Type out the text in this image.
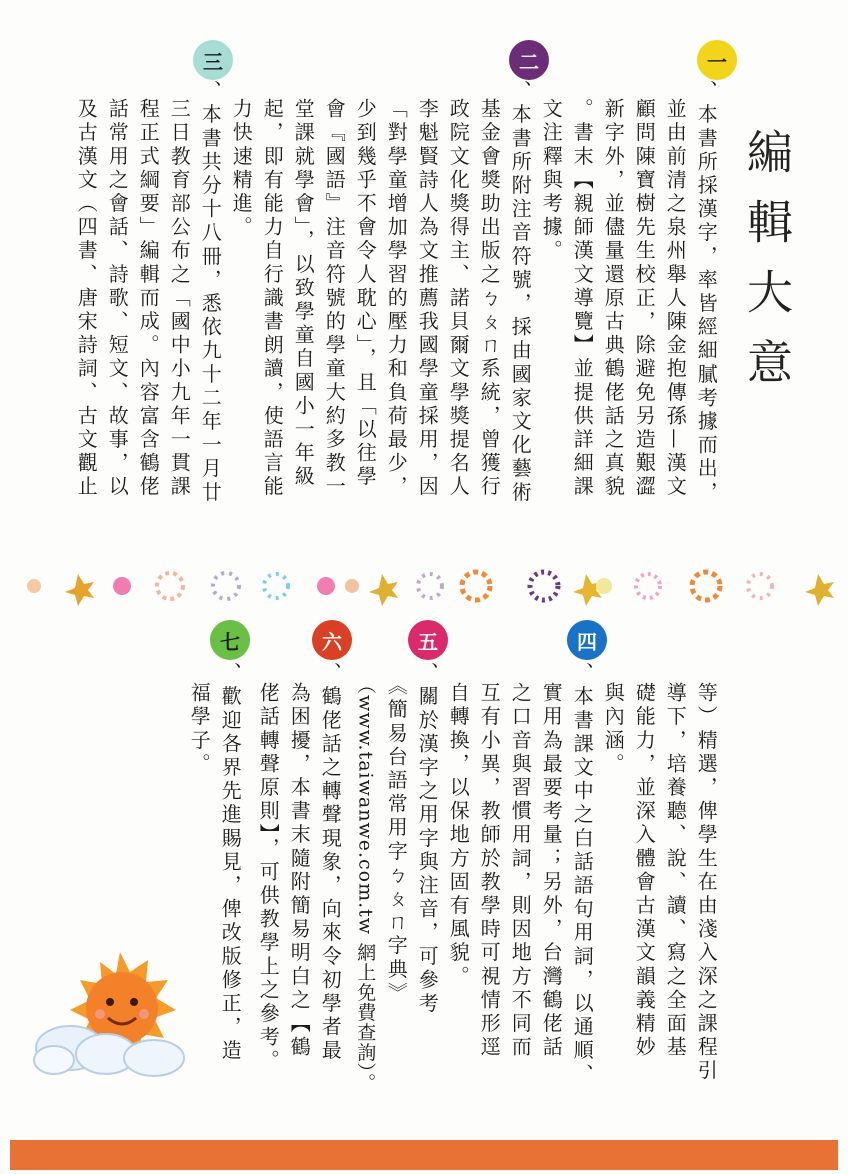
編輯大意
一
二
三
、本書所採漢字，率皆經細膩考據而出，
並由前清之泉州舉人陳金抱傳孫—漢文
顧問陳寶樹先生校正，除避免另造艱澀
新字外，並儘量還原古典鶴佬話之真貌
。書末【親師漢文導覽】並提供詳細課
文注釋與考據。
、本書所附注音符號，採由國家文化藝術
基金會獎助出版之ㄅㄆㄇ系統，曾獲行
政院文化獎得主、諾貝爾文學獎提名人
李魁賢詩人為文推薦我國學童採用，因
「對學童增加學習的壓力和負荷最少，
少到幾乎不會令人耽心」，且「以往學
會『國語』注音符號的學童大約多教一
堂課就學會」，以致學童自國小一年級
起，即有能力自行識書朗讀，使語言能
力快速精進。
、本書共分十八冊，悉依九十二年一月廿
三日教育部公布之「國中小九年一貫課
程正式綱要」編輯而成。內容富含鶴佬
話常用之會話、詩歌、短文、故事，以
及古漢文（四書、唐宋詩詞、古文觀止
四
五
六
七
等）精選，俾學生在由淺入深之課程引
導下，培養聽、說、讀、寫之全面基
礎能力，並深入體會古漢文韻義精妙
與內涵。
、本書課文中之白話語句用詞，以通順、
實用為最要考量；另外，台灣鶴佬話
之口音與習慣用詞，則因地方不同而
互有小異，教師於教學時可視情形逕
自轉換，以保地方固有風貌。
、關於漢字之用字與注音，可參考
《簡易台語常用字ㄅㄆㄇ字典》
（www.taiwanwe.com.tw 網上免費查詢）。
、鶴佬話之轉聲現象，向來令初學者最
為困擾，本書末隨附簡易明白之【鶴
佬話轉聲原則】，可供教學上之參考。
、歡迎各界先進賜見，俾改版修正，造
福學子。
